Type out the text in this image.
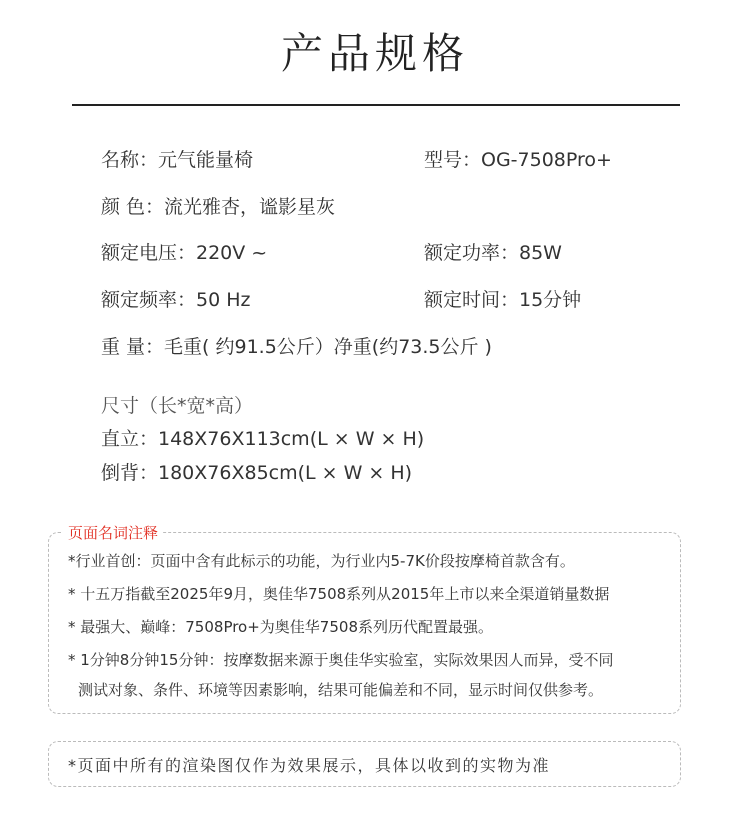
产品规格
名称：元气能量椅	型号：OG-7508Pro+
颜 色：流光雅杏，谧影星灰
额定电压：220V ~	额定功率：85W
额定频率：50 Hz	额定时间：15分钟
重 量：毛重( 约91.5公斤）净重(约73.5公斤 )
尺寸（长*宽*高）
直立：148X76X113cm(L × W × H)
倒背：180X76X85cm(L × W × H)
页面名词注释
*行业首创：页面中含有此标示的功能，为行业内5-7K价段按摩椅首款含有。
* 十五万指截至2025年9月，奥佳华7508系列从2015年上市以来全渠道销量数据
* 最强大、巅峰：7508Pro+为奥佳华7508系列历代配置最强。
* 1分钟8分钟15分钟：按摩数据来源于奥佳华实验室，实际效果因人而异，受不同
测试对象、条件、环境等因素影响，结果可能偏差和不同，显示时间仅供参考。
*页面中所有的渲染图仅作为效果展示，具体以收到的实物为准
